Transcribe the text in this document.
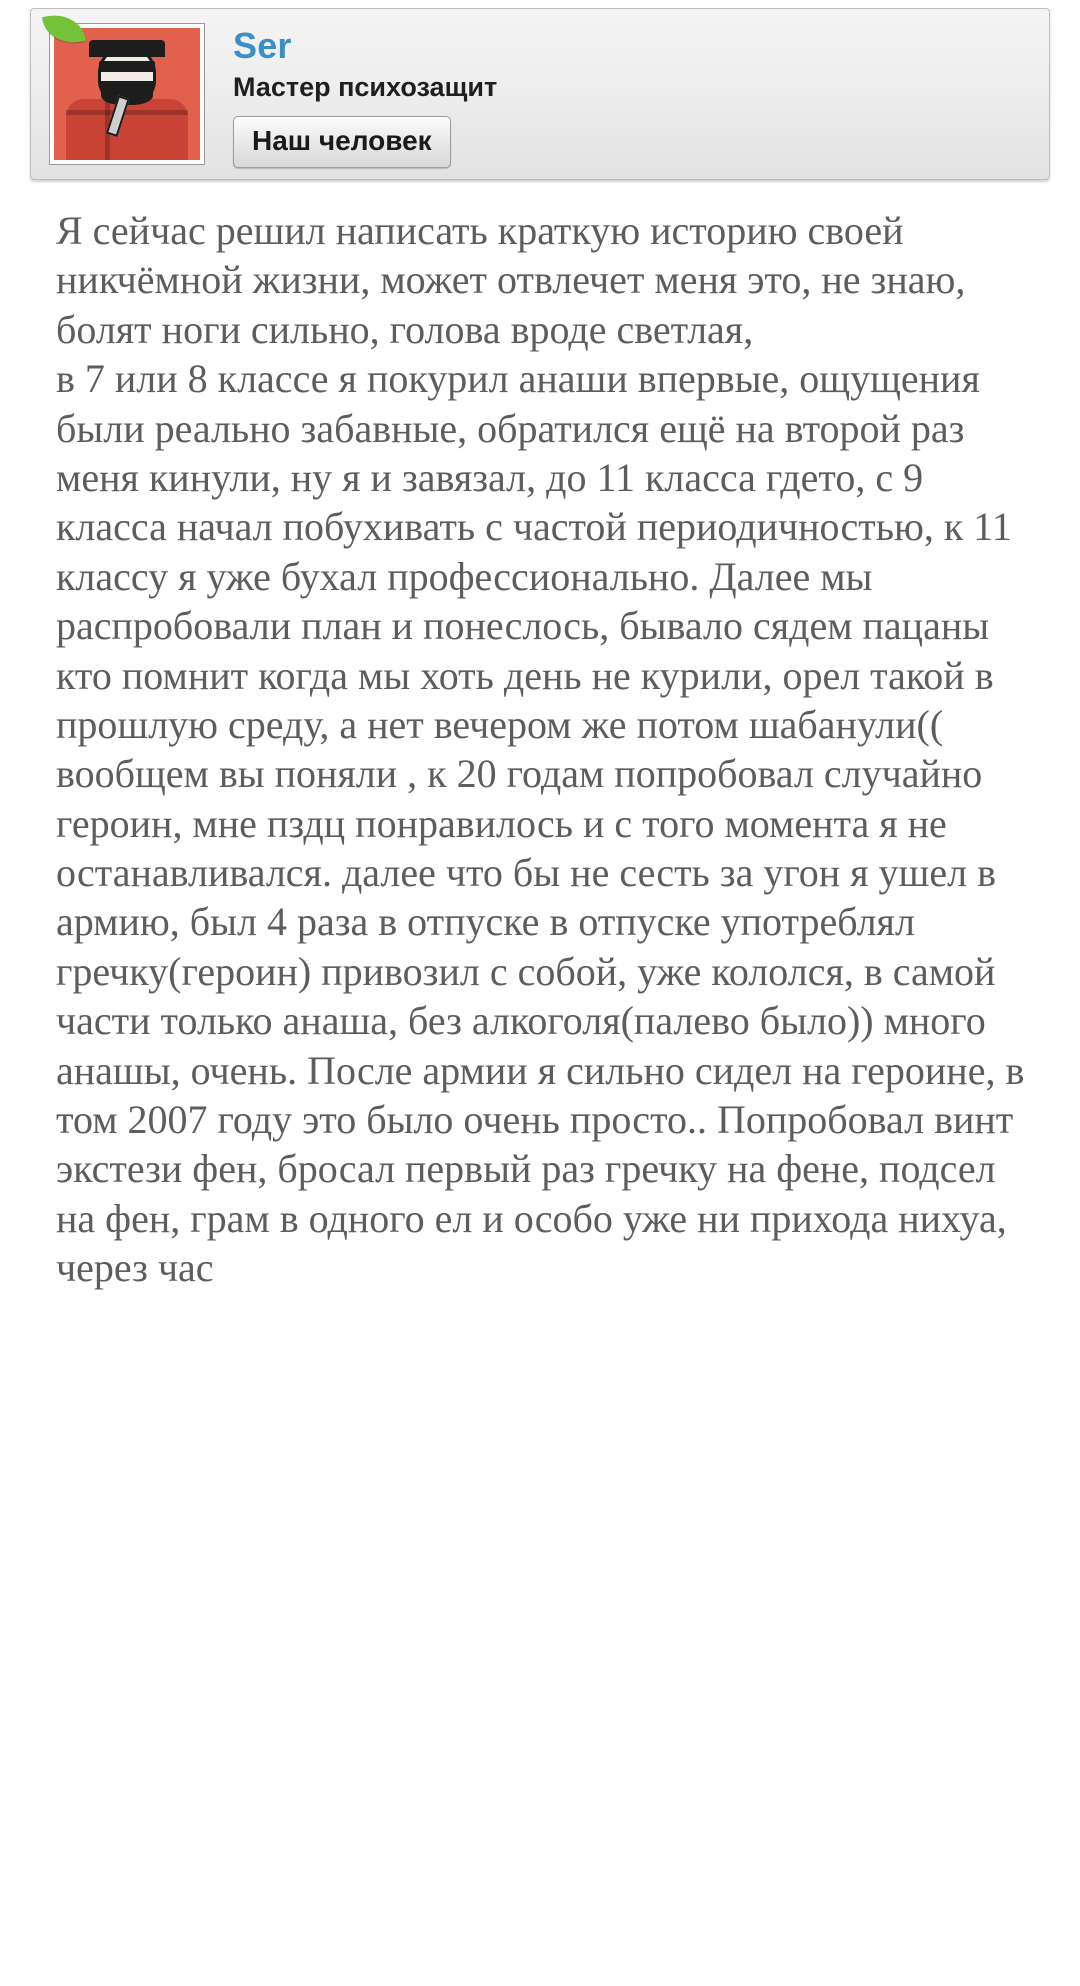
Ser
Мастер психозащит
Наш человек

Я сейчас решил написать краткую историю своей никчёмной жизни, может отвлечет меня это, не знаю, болят ноги сильно, голова вроде светлая,

в 7 или 8 классе я покурил анаши впервые, ощущения были реально забавные, обратился ещё на второй раз меня кинули, ну я и завязал, до 11 класса гдето, с 9 класса начал побухивать с частой периодичностью, к 11 классу я уже бухал профессионально. Далее мы распробовали план и понеслось, бывало сядем пацаны кто помнит когда мы хоть день не курили, орел такой в прошлую среду, а нет вечером же потом шабанули(( вообщем вы поняли , к 20 годам попробовал случайно героин, мне пздц понравилось и с того момента я не останавливался. далее что бы не сесть за угон я ушел в армию, был 4 раза в отпуске в отпуске употреблял гречку(героин) привозил с собой, уже кололся, в самой части только анаша, без алкоголя(палево было)) много анашы, очень. После армии я сильно сидел на героине, в том 2007 году это было очень просто.. Попробовал винт экстези фен, бросал первый раз гречку на фене, подсел на фен, грам в одного ел и особо уже ни прихода нихуа, через час
